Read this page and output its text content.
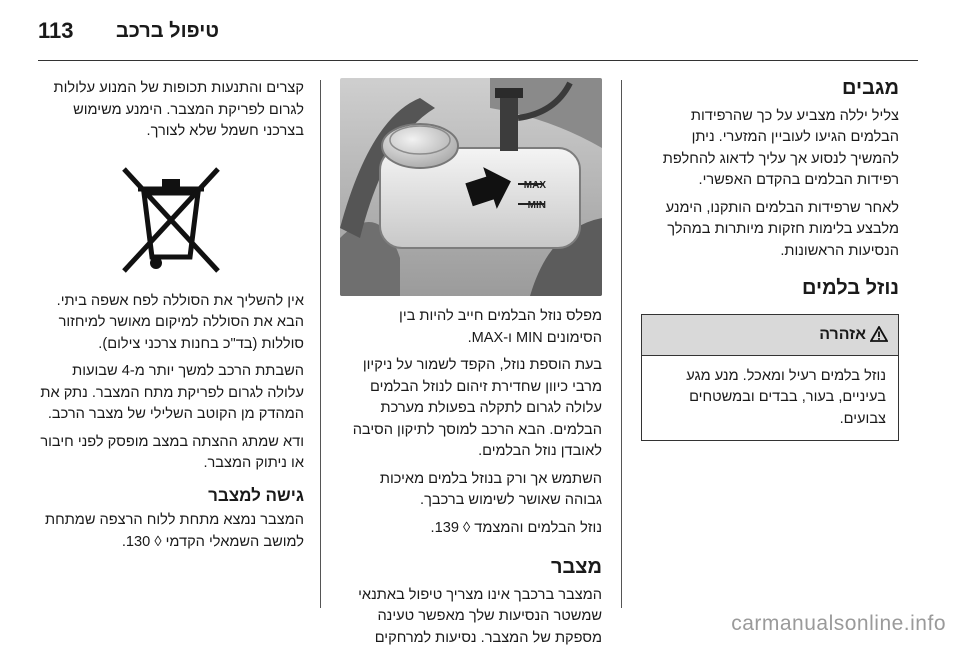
113 טיפול ברכב
מגבים

צליל יללה מצביע על כך שהרפידות הבלמים הגיעו לעוביין המזערי. ניתן להמשיך לנסוע אך עליך לדאוג להחלפת רפידות הבלמים בהקדם האפשרי.

לאחר שרפידות הבלמים הותקנו, הימנע מלבצע בלימות חזקות מיותרות במהלך הנסיעות הראשונות.

נוזל בלמים
אזהרה
נוזל בלמים רעיל ומאכל. מנע מגע בעיניים, בעור, בבדים ובמשטחים צבועים.
MAX
MIN

מפלס נוזל הבלמים חייב להיות בין הסימונים MIN ו-MAX.

בעת הוספת נוזל, הקפד לשמור על ניקיון מרבי כיוון שחדירת זיהום לנוזל הבלמים עלולה לגרום לתקלה בפעולת מערכת הבלמים. הבא הרכב למוסך לתיקון הסיבה לאובדן נוזל הבלמים.

השתמש אך ורק בנוזל בלמים מאיכות גבוהה שאושר לשימוש ברכבך.

נוזל הבלמים והמצמד ◊ 139.

מצבר

המצבר ברכבך אינו מצריך טיפול באתנאי שמשטר הנסיעות שלך מאפשר טעינה מספקת של המצבר. נסיעות למרחקים

קצרים והתנעות תכופות של המנוע עלולות לגרום לפריקת המצבר. הימנע משימוש בצרכני חשמל שלא לצורך.

אין להשליך את הסוללה לפח אשפה ביתי. הבא את הסוללה למיקום מאושר למיחזור סוללות (בד"כ בחנות צרכני צילום).

השבתת הרכב למשך יותר מ-4 שבועות עלולה לגרום לפריקת מתח המצבר. נתק את המהדק מן הקוטב השלילי של מצבר הרכב.

ודא שמתג ההצתה במצב מופסק לפני חיבור או ניתוק המצבר.

גישה למצבר

המצבר נמצא מתחת ללוח הרצפה שמתחת למושב השמאלי הקדמי ◊ 130.

carmanualsonline.info
